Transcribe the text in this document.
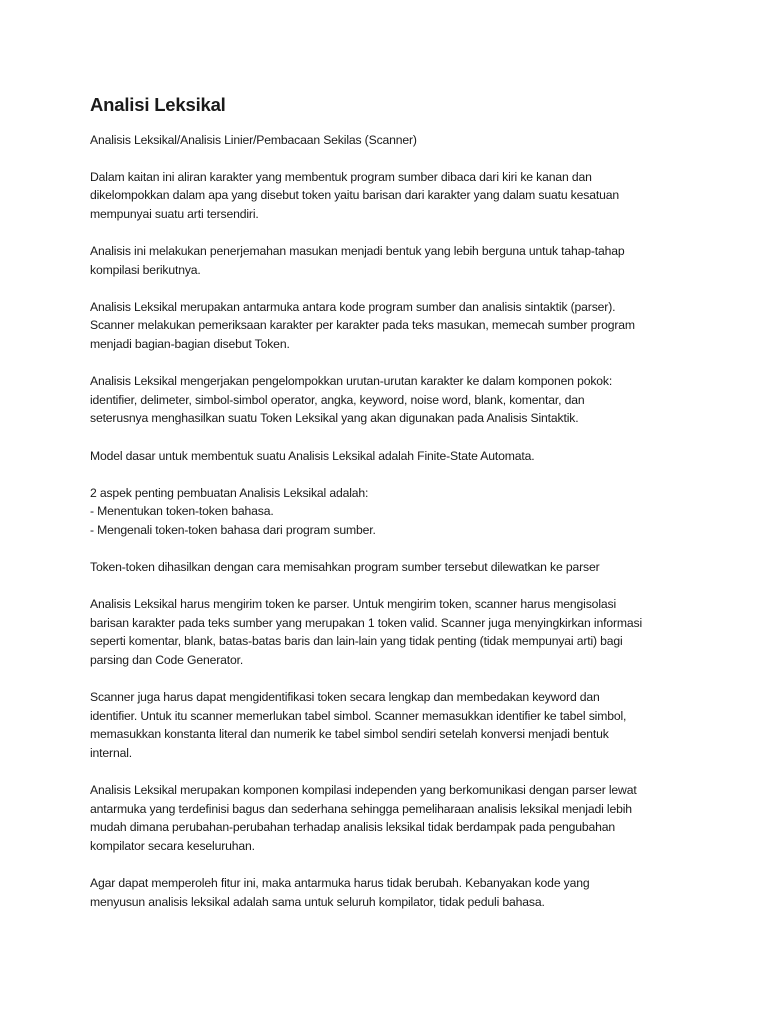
Analisi Leksikal

Analisis Leksikal/Analisis Linier/Pembacaan Sekilas (Scanner)

Dalam kaitan ini aliran karakter yang membentuk program sumber dibaca dari kiri ke kanan dan
dikelompokkan dalam apa yang disebut token yaitu barisan dari karakter yang dalam suatu kesatuan
mempunyai suatu arti tersendiri.

Analisis ini melakukan penerjemahan masukan menjadi bentuk yang lebih berguna untuk tahap-tahap
kompilasi berikutnya.

Analisis Leksikal merupakan antarmuka antara kode program sumber dan analisis sintaktik (parser).
Scanner melakukan pemeriksaan karakter per karakter pada teks masukan, memecah sumber program
menjadi bagian-bagian disebut Token.

Analisis Leksikal mengerjakan pengelompokkan urutan-urutan karakter ke dalam komponen pokok:
identifier, delimeter, simbol-simbol operator, angka, keyword, noise word, blank, komentar, dan
seterusnya menghasilkan suatu Token Leksikal yang akan digunakan pada Analisis Sintaktik.

Model dasar untuk membentuk suatu Analisis Leksikal adalah Finite-State Automata.

2 aspek penting pembuatan Analisis Leksikal adalah:
- Menentukan token-token bahasa.
- Mengenali token-token bahasa dari program sumber.

Token-token dihasilkan dengan cara memisahkan program sumber tersebut dilewatkan ke parser

Analisis Leksikal harus mengirim token ke parser. Untuk mengirim token, scanner harus mengisolasi
barisan karakter pada teks sumber yang merupakan 1 token valid. Scanner juga menyingkirkan informasi
seperti komentar, blank, batas-batas baris dan lain-lain yang tidak penting (tidak mempunyai arti) bagi
parsing dan Code Generator.

Scanner juga harus dapat mengidentifikasi token secara lengkap dan membedakan keyword dan
identifier. Untuk itu scanner memerlukan tabel simbol. Scanner memasukkan identifier ke tabel simbol,
memasukkan konstanta literal dan numerik ke tabel simbol sendiri setelah konversi menjadi bentuk
internal.

Analisis Leksikal merupakan komponen kompilasi independen yang berkomunikasi dengan parser lewat
antarmuka yang terdefinisi bagus dan sederhana sehingga pemeliharaan analisis leksikal menjadi lebih
mudah dimana perubahan-perubahan terhadap analisis leksikal tidak berdampak pada pengubahan
kompilator secara keseluruhan.

Agar dapat memperoleh fitur ini, maka antarmuka harus tidak berubah. Kebanyakan kode yang
menyusun analisis leksikal adalah sama untuk seluruh kompilator, tidak peduli bahasa.
